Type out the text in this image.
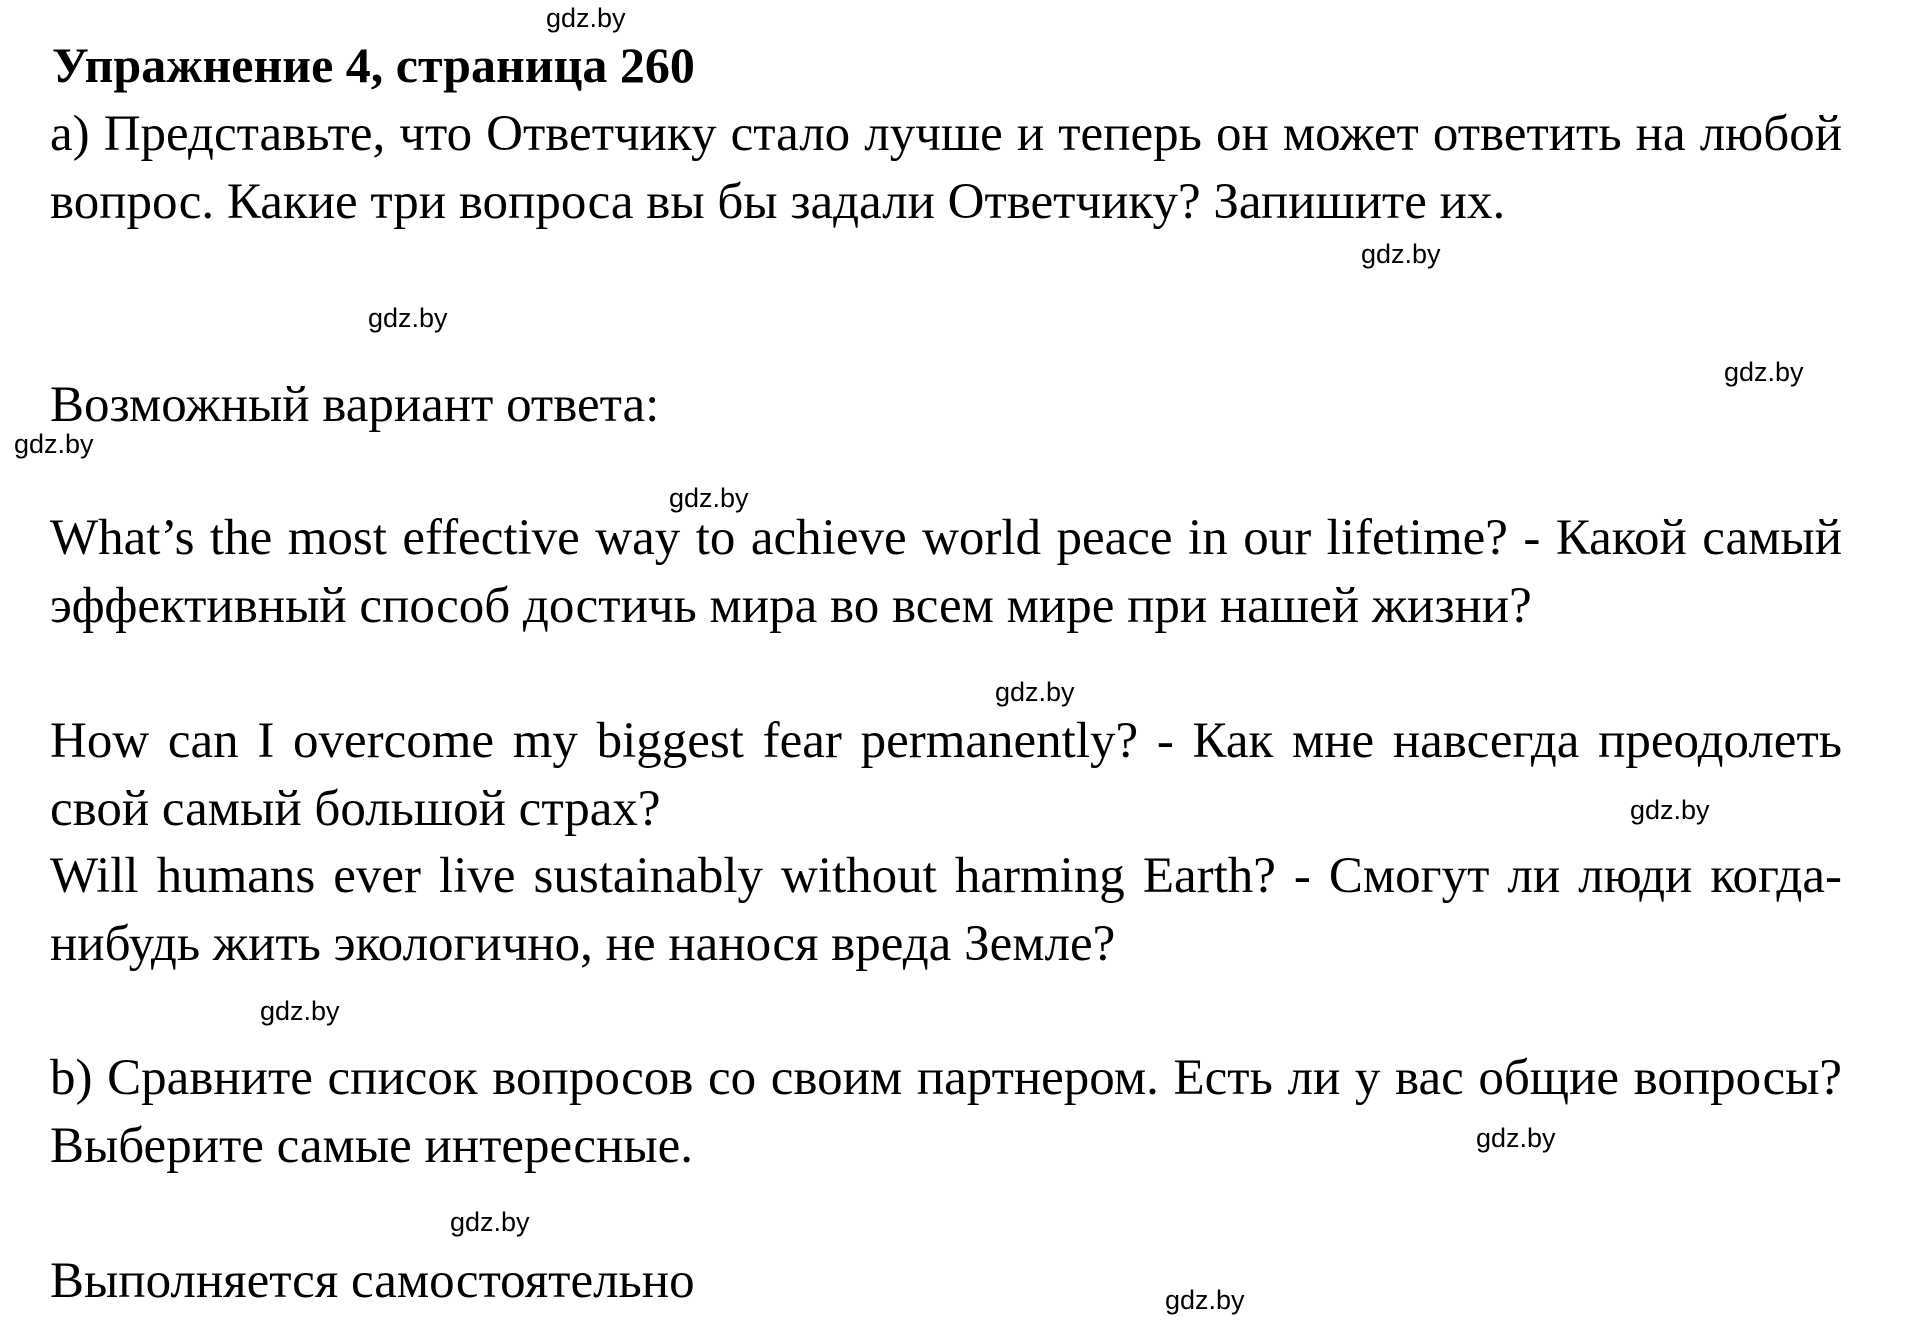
Упражнение 4, страница 260

a) Представьте, что Ответчику стало лучше и теперь он может ответить на любой вопрос. Какие три вопроса вы бы задали Ответчику? Запишите их.

Возможный вариант ответа:

What’s the most effective way to achieve world peace in our lifetime? - Какой самый эффективный способ достичь мира во всем мире при нашей жизни?

How can I overcome my biggest fear permanently? - Как мне навсегда преодолеть свой самый большой страх?

Will humans ever live sustainably without harming Earth? - Смогут ли люди когда-нибудь жить экологично, не нанося вреда Земле?

b) Сравните список вопросов со своим партнером. Есть ли у вас общие вопросы? Выберите самые интересные.

Выполняется самостоятельно

gdz.by
gdz.by
gdz.by
gdz.by
gdz.by
gdz.by
gdz.by
gdz.by
gdz.by
gdz.by
gdz.by
gdz.by
